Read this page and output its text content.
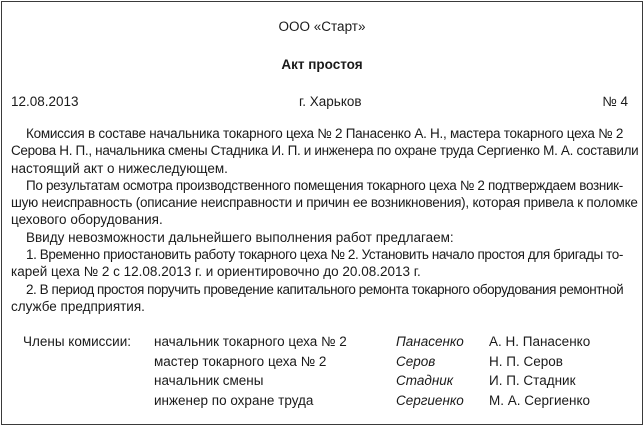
ООО «Старт»
Акт простоя
12.08.2013	г. Харьков	№ 4
Комиссия в составе начальника токарного цеха № 2 Панасенко А. Н., мастера токарного цеха № 2
Серова Н. П., начальника смены Стадника И. П. и инженера по охране труда Сергиенко М. А. составили
настоящий акт о нижеследующем.
По результатам осмотра производственного помещения токарного цеха № 2 подтверждаем возник-
шую неисправность (описание неисправности и причин ее возникновения), которая привела к поломке
цехового оборудования.
Ввиду невозможности дальнейшего выполнения работ предлагаем:
1. Временно приостановить работу токарного цеха № 2. Установить начало простоя для бригады то-
карей цеха № 2 с 12.08.2013 г. и ориентировочно до 20.08.2013 г.
2. В период простоя поручить проведение капитального ремонта токарного оборудования ремонтной
службе предприятия.
Члены комиссии: начальник токарного цеха № 2
мастер токарного цеха № 2
начальник смены
инженер по охране труда
Панасенко
Серов
Стадник
Сергиенко
А. Н. Панасенко
Н. П. Серов
И. П. Стадник
М. А. Сергиенко
